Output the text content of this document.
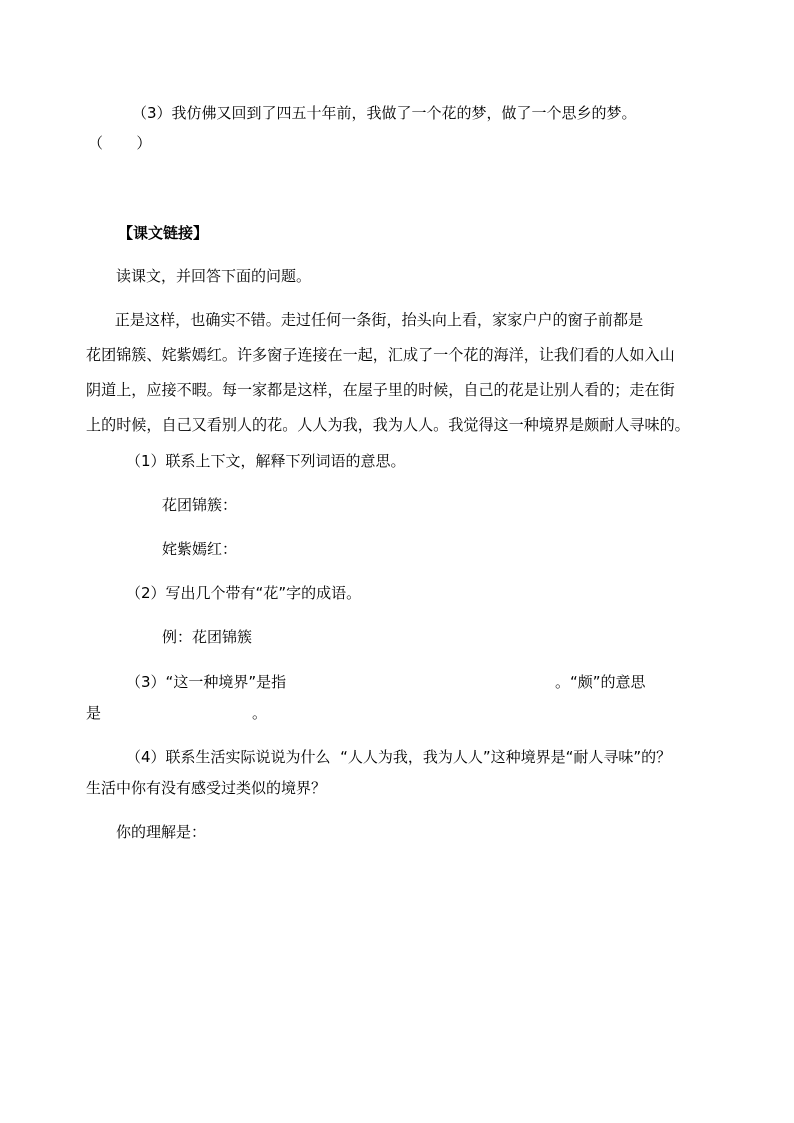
（3）我仿佛又回到了四五十年前，我做了一个花的梦，做了一个思乡的梦。
（       ）
【课文链接】
读课文，并回答下面的问题。
正是这样，也确实不错。走过任何一条街，抬头向上看，家家户户的窗子前都是
花团锦簇、姹紫嫣红。许多窗子连接在一起，汇成了一个花的海洋，让我们看的人如入山
阴道上，应接不暇。每一家都是这样，在屋子里的时候，自己的花是让别人看的；走在街
上的时候，自己又看别人的花。人人为我，我为人人。我觉得这一种境界是颇耐人寻味的。
（1）联系上下文，解释下列词语的意思。
花团锦簇：
姹紫嫣红：
（2）写出几个带有“花”字的成语。
例：花团锦簇
（3）“这一种境界”是指	。“颇”的意思
是	。
（4）联系生活实际说说为什么  “人人为我，我为人人”这种境界是“耐人寻味”的？
生活中你有没有感受过类似的境界？
你的理解是：
